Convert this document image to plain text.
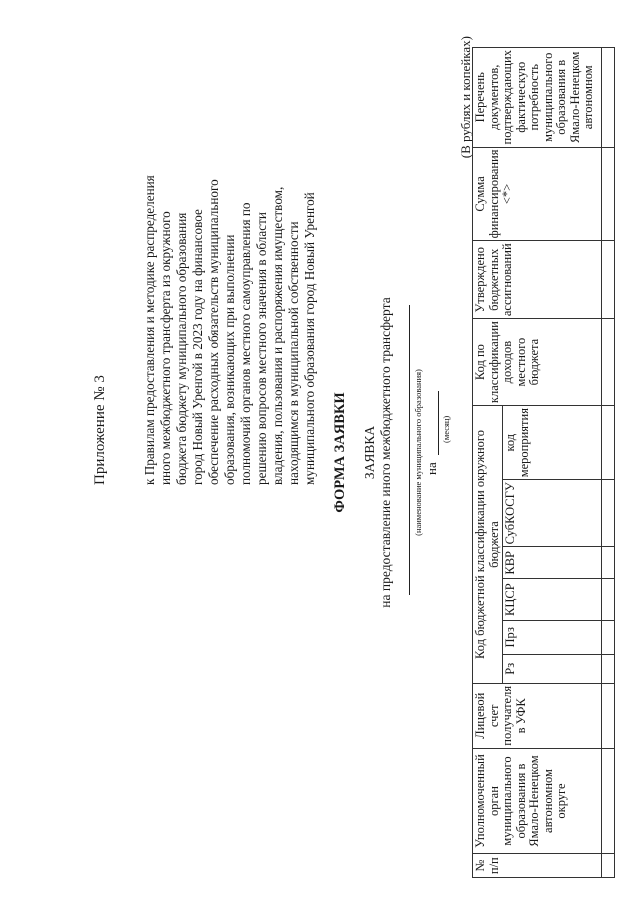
Приложение № 3	к Правилам предоставления и методике распределения иного межбюджетного трансферта из окружного бюджета бюджету муниципального образования город Новый Уренгой в 2023 году на финансовое обеспечение расходных обязательств муниципального образования, возникающих при выполнении полномочий органов местного самоуправления по решению вопросов местного значения в области владения, пользования и распоряжения имуществом, находящимся в муниципальной собственности муниципального образования город Новый Уренгой ФОРМА ЗАЯВКИ ЗАЯВКА на предоставление иного межбюджетного трансферта (наименование муниципального образования) на
(месяц)
(В рублях и копейках)
№ п/п	Уполномоченный орган муниципального образования в Ямало-Ненецком автономном округе	Лицевой счет получателя в УФК	Код бюджетной классификации окружного бюджета						Код по классификации доходов местного бюджета	Утверждено бюджетных ассигнований	Сумма финансирования <*>	Перечень документов, подтверждающих фактическую потребность муниципального образования в Ямало-Ненецком автономном
			Рз	Прз	КЦСР	КВР	СубКОСГУ	код мероприятия				
